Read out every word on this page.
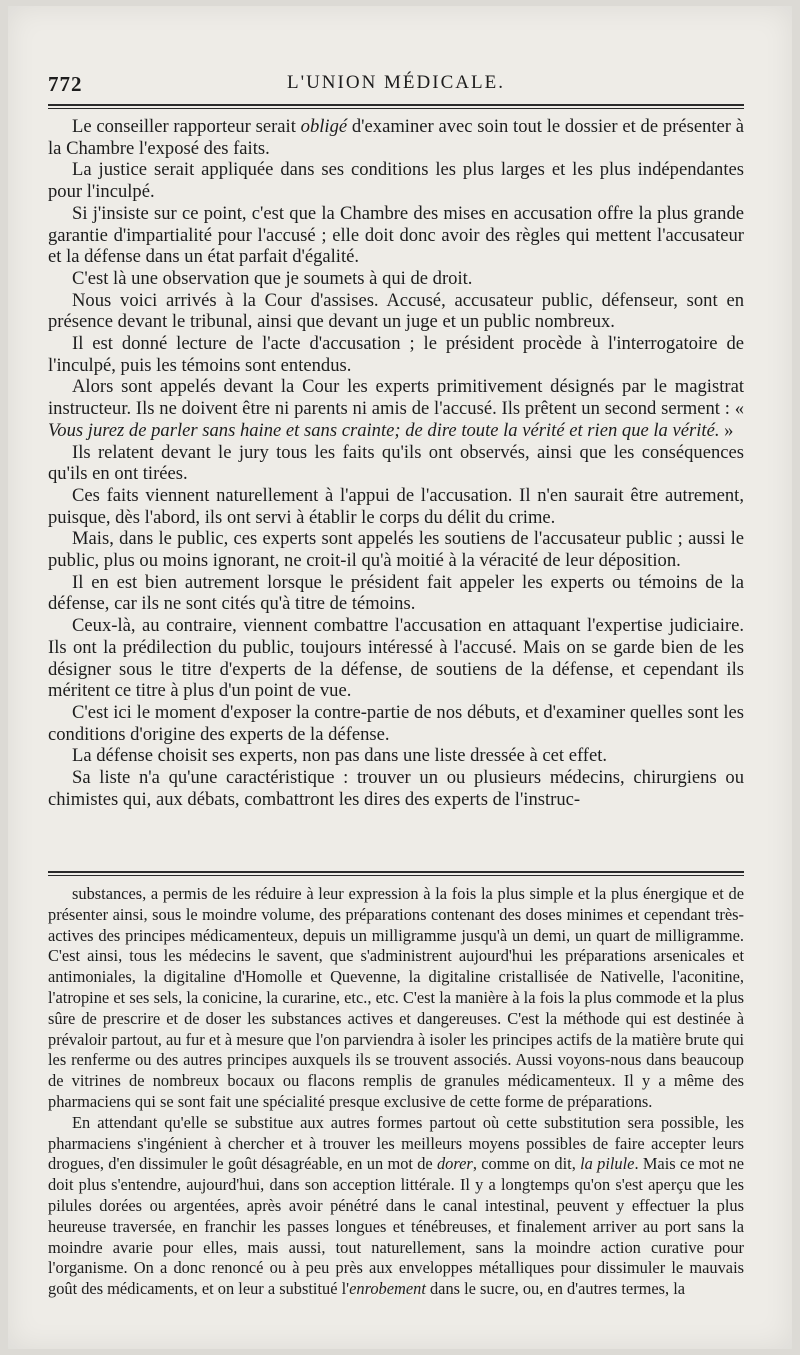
772	L'UNION MÉDICALE.

Le conseiller rapporteur serait obligé d'examiner avec soin tout le dossier et de présenter à la Chambre l'exposé des faits.

La justice serait appliquée dans ses conditions les plus larges et les plus indépendantes pour l'inculpé.

Si j'insiste sur ce point, c'est que la Chambre des mises en accusation offre la plus grande garantie d'impartialité pour l'accusé ; elle doit donc avoir des règles qui mettent l'accusateur et la défense dans un état parfait d'égalité.

C'est là une observation que je soumets à qui de droit.

Nous voici arrivés à la Cour d'assises. Accusé, accusateur public, défenseur, sont en présence devant le tribunal, ainsi que devant un juge et un public nombreux.

Il est donné lecture de l'acte d'accusation ; le président procède à l'interrogatoire de l'inculpé, puis les témoins sont entendus.

Alors sont appelés devant la Cour les experts primitivement désignés par le magistrat instructeur. Ils ne doivent être ni parents ni amis de l'accusé. Ils prêtent un second serment : « Vous jurez de parler sans haine et sans crainte; de dire toute la vérité et rien que la vérité. »

Ils relatent devant le jury tous les faits qu'ils ont observés, ainsi que les conséquences qu'ils en ont tirées.

Ces faits viennent naturellement à l'appui de l'accusation. Il n'en saurait être autrement, puisque, dès l'abord, ils ont servi à établir le corps du délit du crime.

Mais, dans le public, ces experts sont appelés les soutiens de l'accusateur public ; aussi le public, plus ou moins ignorant, ne croit-il qu'à moitié à la véracité de leur déposition.

Il en est bien autrement lorsque le président fait appeler les experts ou témoins de la défense, car ils ne sont cités qu'à titre de témoins.

Ceux-là, au contraire, viennent combattre l'accusation en attaquant l'expertise judiciaire. Ils ont la prédilection du public, toujours intéressé à l'accusé. Mais on se garde bien de les désigner sous le titre d'experts de la défense, de soutiens de la défense, et cependant ils méritent ce titre à plus d'un point de vue.

C'est ici le moment d'exposer la contre-partie de nos débuts, et d'examiner quelles sont les conditions d'origine des experts de la défense.

La défense choisit ses experts, non pas dans une liste dressée à cet effet.

Sa liste n'a qu'une caractéristique : trouver un ou plusieurs médecins, chirurgiens ou chimistes qui, aux débats, combattront les dires des experts de l'instruc-

substances, a permis de les réduire à leur expression à la fois la plus simple et la plus énergique et de présenter ainsi, sous le moindre volume, des préparations contenant des doses minimes et cependant très-actives des principes médicamenteux, depuis un milligramme jusqu'à un demi, un quart de milligramme. C'est ainsi, tous les médecins le savent, que s'administrent aujourd'hui les préparations arsenicales et antimoniales, la digitaline d'Homolle et Quevenne, la digitaline cristallisée de Nativelle, l'aconitine, l'atropine et ses sels, la conicine, la curarine, etc., etc. C'est la manière à la fois la plus commode et la plus sûre de prescrire et de doser les substances actives et dangereuses. C'est la méthode qui est destinée à prévaloir partout, au fur et à mesure que l'on parviendra à isoler les principes actifs de la matière brute qui les renferme ou des autres principes auxquels ils se trouvent associés. Aussi voyons-nous dans beaucoup de vitrines de nombreux bocaux ou flacons remplis de granules médicamenteux. Il y a même des pharmaciens qui se sont fait une spécialité presque exclusive de cette forme de préparations.

En attendant qu'elle se substitue aux autres formes partout où cette substitution sera possible, les pharmaciens s'ingénient à chercher et à trouver les meilleurs moyens possibles de faire accepter leurs drogues, d'en dissimuler le goût désagréable, en un mot de dorer, comme on dit, la pilule. Mais ce mot ne doit plus s'entendre, aujourd'hui, dans son acception littérale. Il y a longtemps qu'on s'est aperçu que les pilules dorées ou argentées, après avoir pénétré dans le canal intestinal, peuvent y effectuer la plus heureuse traversée, en franchir les passes longues et ténébreuses, et finalement arriver au port sans la moindre avarie pour elles, mais aussi, tout naturellement, sans la moindre action curative pour l'organisme. On a donc renoncé ou à peu près aux enveloppes métalliques pour dissimuler le mauvais goût des médicaments, et on leur a substitué l'enrobement dans le sucre, ou, en d'autres termes, la
